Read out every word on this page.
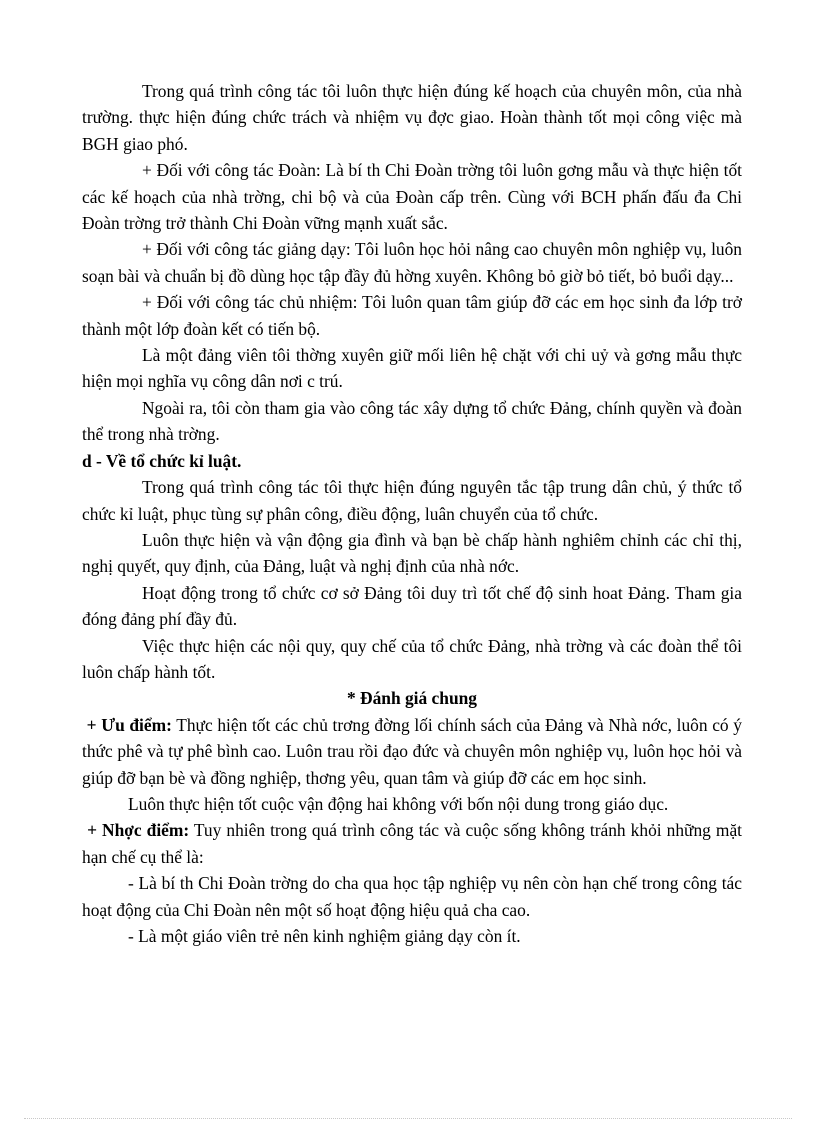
Trong quá trình công tác tôi luôn thực hiện đúng kế hoạch của chuyên môn, của nhà trường. thực hiện đúng chức trách và nhiệm vụ đợc giao. Hoàn thành tốt mọi công việc mà BGH giao phó.

+ Đối với công tác Đoàn: Là bí th Chi Đoàn trờng tôi luôn gơng mẫu và thực hiện tốt các kế hoạch của nhà trờng, chi bộ và của Đoàn cấp trên. Cùng với BCH phấn đấu đa Chi Đoàn trờng trở thành Chi Đoàn vững mạnh xuất sắc.

+ Đối với công tác giảng dạy: Tôi luôn học hỏi nâng cao chuyên môn nghiệp vụ, luôn soạn bài và chuẩn bị đồ dùng học tập đầy đủ hờng xuyên. Không bỏ giờ bỏ tiết, bỏ buổi dạy...

+ Đối với công tác chủ nhiệm: Tôi luôn quan tâm giúp đỡ các em học sinh đa lớp trở thành một lớp đoàn kết có tiến bộ.

Là một đảng viên tôi thờng xuyên giữ mối liên hệ chặt với chi uỷ và gơng mẫu thực hiện mọi nghĩa vụ công dân nơi c trú.

Ngoài ra, tôi còn tham gia vào công tác xây dựng tổ chức Đảng, chính quyền và đoàn thể trong nhà trờng.

d - Về tổ chức kỉ luật.

Trong quá trình công tác tôi thực hiện đúng nguyên tắc tập trung dân chủ, ý thức tổ chức kỉ luật, phục tùng sự phân công, điều động, luân chuyển của tổ chức.

Luôn thực hiện và vận động gia đình và bạn bè chấp hành nghiêm chỉnh các chỉ thị, nghị quyết, quy định, của Đảng, luật và nghị định của nhà nớc.

Hoạt động trong tổ chức cơ sở Đảng tôi duy trì tốt chế độ sinh hoat Đảng. Tham gia đóng đảng phí đầy đủ.

Việc thực hiện các nội quy, quy chế của tổ chức Đảng, nhà trờng và các đoàn thể tôi luôn chấp hành tốt.

* Đánh giá chung

+ Ưu điểm: Thực hiện tốt các chủ trơng đờng lối chính sách của Đảng và Nhà nớc, luôn có ý thức phê và tự phê bình cao. Luôn trau rồi đạo đức và chuyên môn nghiệp vụ, luôn học hỏi và giúp đỡ bạn bè và đồng nghiệp, thơng yêu, quan tâm và giúp đỡ các em học sinh.

Luôn thực hiện tốt cuộc vận động hai không với bốn nội dung trong giáo dục.

+ Nhợc điểm: Tuy nhiên trong quá trình công tác và cuộc sống không tránh khỏi những mặt hạn chế cụ thể là:

- Là bí th Chi Đoàn trờng do cha qua học tập nghiệp vụ nên còn hạn chế trong công tác hoạt động của Chi Đoàn nên một số hoạt động hiệu quả cha cao.

- Là một giáo viên trẻ nên kinh nghiệm giảng dạy còn ít.
